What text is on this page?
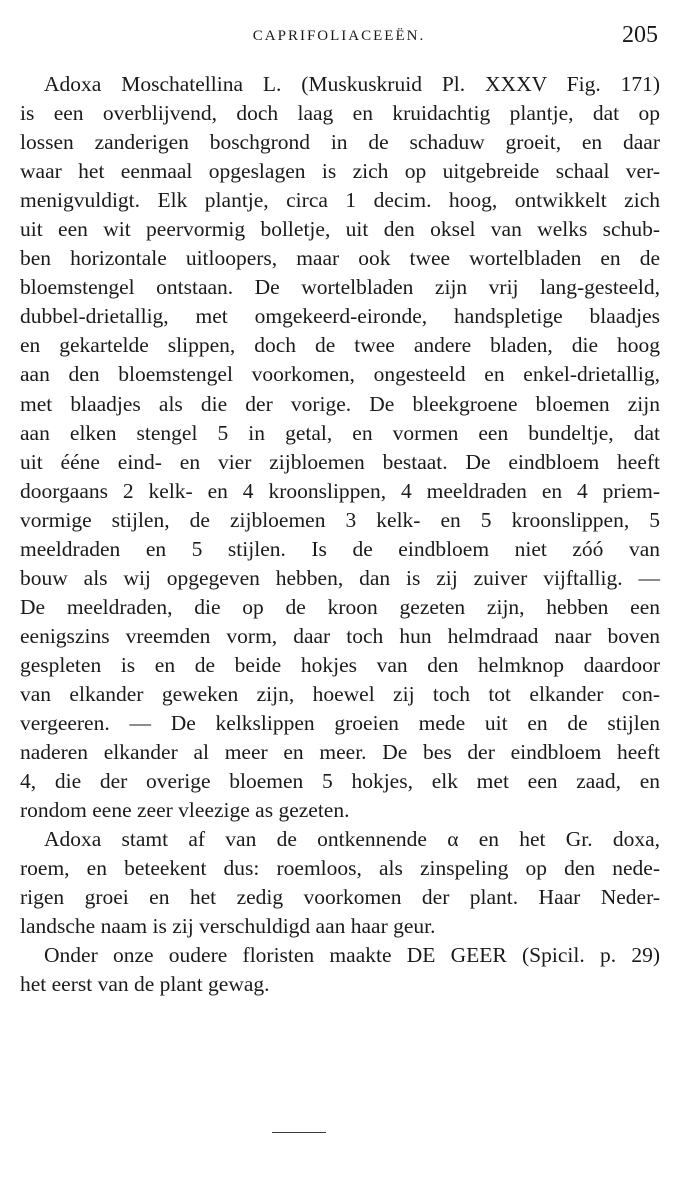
CAPRIFOLIACEEËN.	205
Adoxa Moschatellina L. (Muskuskruid Pl. XXXV Fig. 171)
is een overblijvend, doch laag en kruidachtig plantje, dat op
lossen zanderigen boschgrond in de schaduw groeit, en daar
waar het eenmaal opgeslagen is zich op uitgebreide schaal ver-
menigvuldigt. Elk plantje, circa 1 decim. hoog, ontwikkelt zich
uit een wit peervormig bolletje, uit den oksel van welks schub-
ben horizontale uitloopers, maar ook twee wortelbladen en de
bloemstengel ontstaan. De wortelbladen zijn vrij lang-gesteeld,
dubbel-drietallig, met omgekeerd-eironde, handspletige blaadjes
en gekartelde slippen, doch de twee andere bladen, die hoog
aan den bloemstengel voorkomen, ongesteeld en enkel-drietallig,
met blaadjes als die der vorige. De bleekgroene bloemen zijn
aan elken stengel 5 in getal, en vormen een bundeltje, dat
uit ééne eind- en vier zijbloemen bestaat. De eindbloem heeft
doorgaans 2 kelk- en 4 kroonslippen, 4 meeldraden en 4 priem-
vormige stijlen, de zijbloemen 3 kelk- en 5 kroonslippen, 5
meeldraden en 5 stijlen. Is de eindbloem niet zóó van
bouw als wij opgegeven hebben, dan is zij zuiver vijftallig. —
De meeldraden, die op de kroon gezeten zijn, hebben een
eenigszins vreemden vorm, daar toch hun helmdraad naar boven
gespleten is en de beide hokjes van den helmknop daardoor
van elkander geweken zijn, hoewel zij toch tot elkander con-
vergeeren. — De kelkslippen groeien mede uit en de stijlen
naderen elkander al meer en meer. De bes der eindbloem heeft
4, die der overige bloemen 5 hokjes, elk met een zaad, en
rondom eene zeer vleezige as gezeten.
Adoxa stamt af van de ontkennende α en het Gr. doxa,
roem, en beteekent dus: roemloos, als zinspeling op den nede-
rigen groei en het zedig voorkomen der plant. Haar Neder-
landsche naam is zij verschuldigd aan haar geur.
Onder onze oudere floristen maakte DE GEER (Spicil. p. 29)
het eerst van de plant gewag.
